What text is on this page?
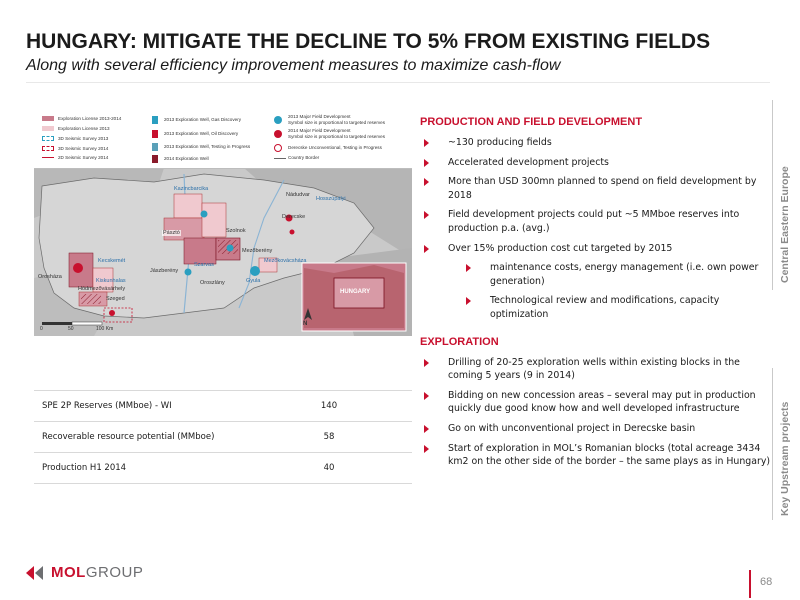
HUNGARY: MITIGATE THE DECLINE TO 5% FROM EXISTING FIELDS
Along with several efficiency improvement measures to maximize cash-flow
Exploration License 2013-2014
Exploration License 2013
3D Seismic Survey 2013
3D Seismic Survey 2014
2D Seismic Survey 2014
2013 Exploration Well, Gas Discovery
2013 Exploration Well, Oil Discovery
2013 Exploration Well, Testing in Progress
2014 Exploration Well
2013 Major Field Development
Symbol size is proportional to targeted reserves
2014 Major Field Development
Symbol size is proportional to targeted reserves
Derecske Unconventional, Testing in Progress
Country Border
Kazincbarcika
Nádudvar
Hosszúpályi
Derecske
Pásztó
Jászberény
Szolnok
Kecskemét
Kiskunhalas
Szeged
Orosháza
Hódmezővásárhely
Gyula
Mezőkovácsháza
Mezőberény
Oroszlány
Szarvas
0	50	100 Km
N
HUNGARY
SPE 2P Reserves (MMboe) - WI	140
Recoverable resource potential (MMboe)	58
Production H1 2014	40
PRODUCTION AND FIELD DEVELOPMENT
~130 producing fields
Accelerated development projects
More than USD 300mn planned to spend on field development by 2018
Field development projects could put ~5 MMboe reserves into production p.a. (avg.)
Over 15% production cost cut targeted by 2015
maintenance costs, energy management (i.e. own power generation)
Technological review and modifications, capacity optimization
EXPLORATION
Drilling of 20-25 exploration wells within existing blocks in the coming 5 years (9 in 2014)
Bidding on new concession areas – several may put in production quickly due good know how and well developed infrastructure
Go on with unconventional project in Derecske basin
Start of exploration in MOL’s Romanian blocks (total acreage 3434 km2 on the other side of the border – the same plays as in Hungary)
Central Eastern Europe
Key Upstream projects
MOLGROUP
68
